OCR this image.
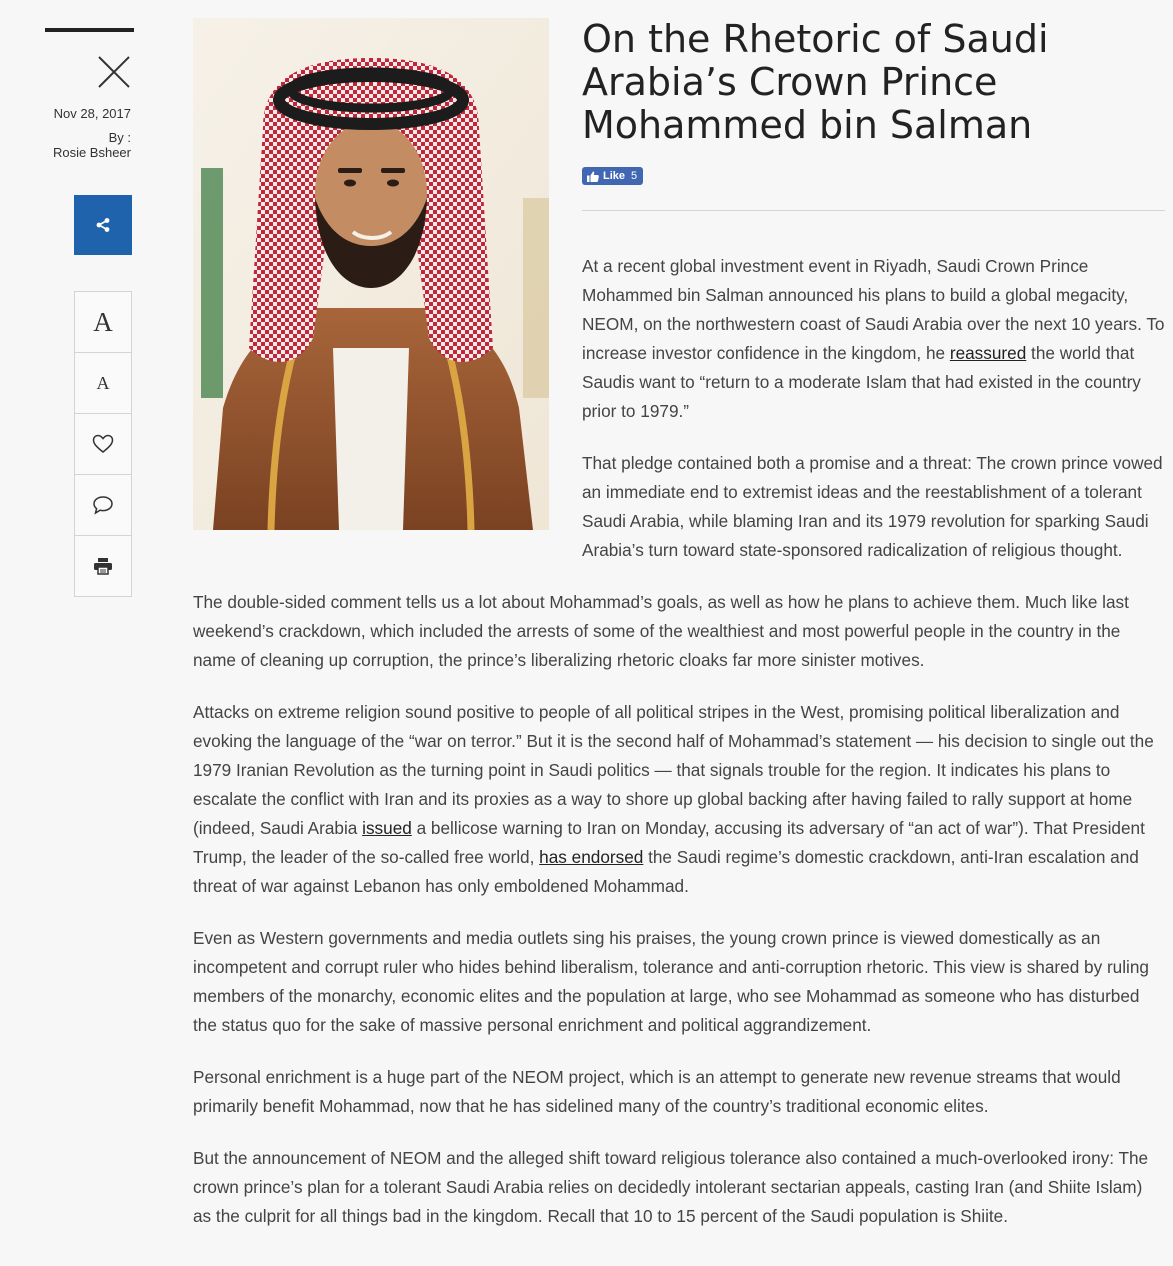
Nov 28, 2017
By :
Rosie Bsheer
A
A
On the Rhetoric of Saudi Arabia’s Crown Prince Mohammed bin Salman
Like 5

At a recent global investment event in Riyadh, Saudi Crown Prince Mohammed bin Salman announced his plans to build a global megacity, NEOM, on the northwestern coast of Saudi Arabia over the next 10 years. To increase investor confidence in the kingdom, he reassured the world that Saudis want to “return to a moderate Islam that had existed in the country prior to 1979.”

That pledge contained both a promise and a threat: The crown prince vowed an immediate end to extremist ideas and the reestablishment of a tolerant Saudi Arabia, while blaming Iran and its 1979 revolution for sparking Saudi Arabia’s turn toward state-sponsored radicalization of religious thought.

The double-sided comment tells us a lot about Mohammad’s goals, as well as how he plans to achieve them. Much like last weekend’s crackdown, which included the arrests of some of the wealthiest and most powerful people in the country in the name of cleaning up corruption, the prince’s liberalizing rhetoric cloaks far more sinister motives.

Attacks on extreme religion sound positive to people of all political stripes in the West, promising political liberalization and evoking the language of the “war on terror.” But it is the second half of Mohammad’s statement — his decision to single out the 1979 Iranian Revolution as the turning point in Saudi politics — that signals trouble for the region. It indicates his plans to escalate the conflict with Iran and its proxies as a way to shore up global backing after having failed to rally support at home (indeed, Saudi Arabia issued a bellicose warning to Iran on Monday, accusing its adversary of “an act of war”). That President Trump, the leader of the so-called free world, has endorsed the Saudi regime’s domestic crackdown, anti-Iran escalation and threat of war against Lebanon has only emboldened Mohammad.

Even as Western governments and media outlets sing his praises, the young crown prince is viewed domestically as an incompetent and corrupt ruler who hides behind liberalism, tolerance and anti-corruption rhetoric. This view is shared by ruling members of the monarchy, economic elites and the population at large, who see Mohammad as someone who has disturbed the status quo for the sake of massive personal enrichment and political aggrandizement.

Personal enrichment is a huge part of the NEOM project, which is an attempt to generate new revenue streams that would primarily benefit Mohammad, now that he has sidelined many of the country’s traditional economic elites.

But the announcement of NEOM and the alleged shift toward religious tolerance also contained a much-overlooked irony: The crown prince’s plan for a tolerant Saudi Arabia relies on decidedly intolerant sectarian appeals, casting Iran (and Shiite Islam) as the culprit for all things bad in the kingdom. Recall that 10 to 15 percent of the Saudi population is Shiite.
